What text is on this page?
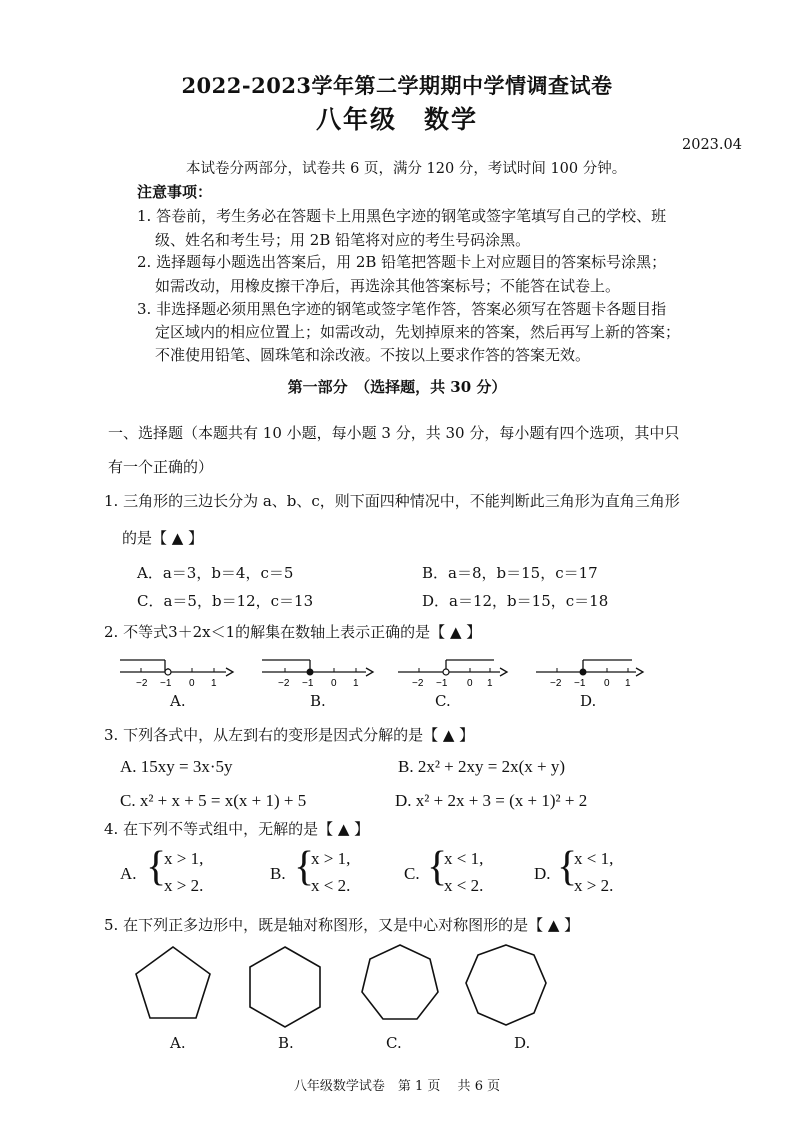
2022-2023学年第二学期期中学情调查试卷
八年级　数学
2023.04
本试卷分两部分，试卷共 6 页，满分 120 分，考试时间 100 分钟。
注意事项：
1. 答卷前，考生务必在答题卡上用黑色字迹的钢笔或签字笔填写自己的学校、班
级、姓名和考生号；用 2B 铅笔将对应的考生号码涂黑。
2. 选择题每小题选出答案后，用 2B 铅笔把答题卡上对应题目的答案标号涂黑；
如需改动，用橡皮擦干净后，再选涂其他答案标号；不能答在试卷上。
3. 非选择题必须用黑色字迹的钢笔或签字笔作答，答案必须写在答题卡各题目指
定区域内的相应位置上；如需改动，先划掉原来的答案，然后再写上新的答案；
不准使用铅笔、圆珠笔和涂改液。不按以上要求作答的答案无效。
第一部分　（选择题，共 30 分）
一、选择题（本题共有 10 小题，每小题 3 分，共 30 分，每小题有四个选项，其中只
有一个正确的）
1. 三角形的三边长分为 a、b、c，则下面四种情况中，不能判断此三角形为直角三角形
的是【 ▲ 】
A．a＝3，b＝4，c＝5	B．a＝8，b＝15，c＝17
C．a＝5，b＝12，c＝13	D．a＝12，b＝15，c＝18
2. 不等式3＋2x＜1的解集在数轴上表示正确的是【 ▲ 】
−2 −1 0 1	−2 −1 0 1	−2 −1 0 1	−2 −1 0 1
A.	B.	C.	D.
3. 下列各式中，从左到右的变形是因式分解的是【 ▲ 】
A. 15xy = 3x·5y	B. 2x² + 2xy = 2x(x + y)
C. x² + x + 5 = x(x + 1) + 5	D. x² + 2x + 3 = (x + 1)² + 2
4. 在下列不等式组中，无解的是【 ▲ 】
A. {
x > 1,
x > 2.
B. {
x > 1,
x < 2.
C. {
x < 1,
x < 2.
D. {
x < 1,
x > 2.
5. 在下列正多边形中，既是轴对称图形，又是中心对称图形的是【 ▲ 】
A.	B.	C.	D.
八年级数学试卷　第 1 页　 共 6 页
